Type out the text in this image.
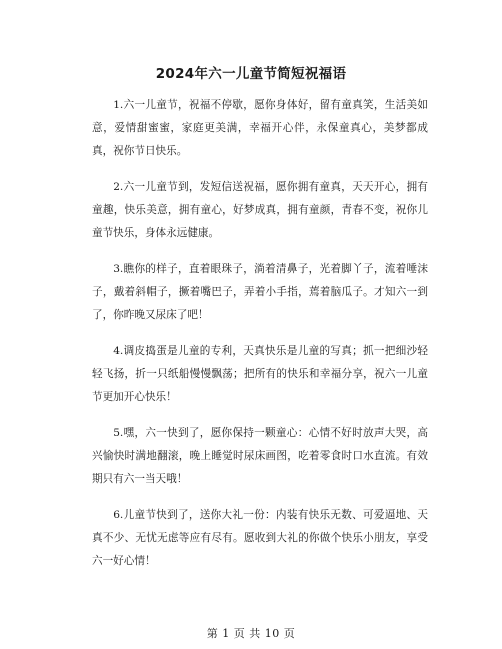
2024年六一儿童节简短祝福语

1.六一儿童节，祝福不停歇，愿你身体好，留有童真笑，生活美如意，爱情甜蜜蜜，家庭更美满，幸福开心伴，永保童真心，美梦都成真，祝你节日快乐。

2.六一儿童节到，发短信送祝福，愿你拥有童真，天天开心，拥有童趣，快乐美意，拥有童心，好梦成真，拥有童颜，青春不变，祝你儿童节快乐，身体永远健康。

3.瞧你的样子，直着眼珠子，淌着清鼻子，光着脚丫子，流着唾沫子，戴着斜帽子，撅着嘴巴子，弄着小手指，蔫着脑瓜子。才知六一到了，你昨晚又尿床了吧！

4.调皮捣蛋是儿童的专利，天真快乐是儿童的写真；抓一把细沙轻轻飞扬，折一只纸船慢慢飘荡；把所有的快乐和幸福分享，祝六一儿童节更加开心快乐！

5.嘿，六一快到了，愿你保持一颗童心：心情不好时放声大哭，高兴愉快时满地翻滚，晚上睡觉时尿床画图，吃着零食时口水直流。有效期只有六一当天哦！

6.儿童节快到了，送你大礼一份：内装有快乐无数、可爱逼地、天真不少、无忧无虑等应有尽有。愿收到大礼的你做个快乐小朋友，享受六一好心情！

第 1 页 共 10 页
